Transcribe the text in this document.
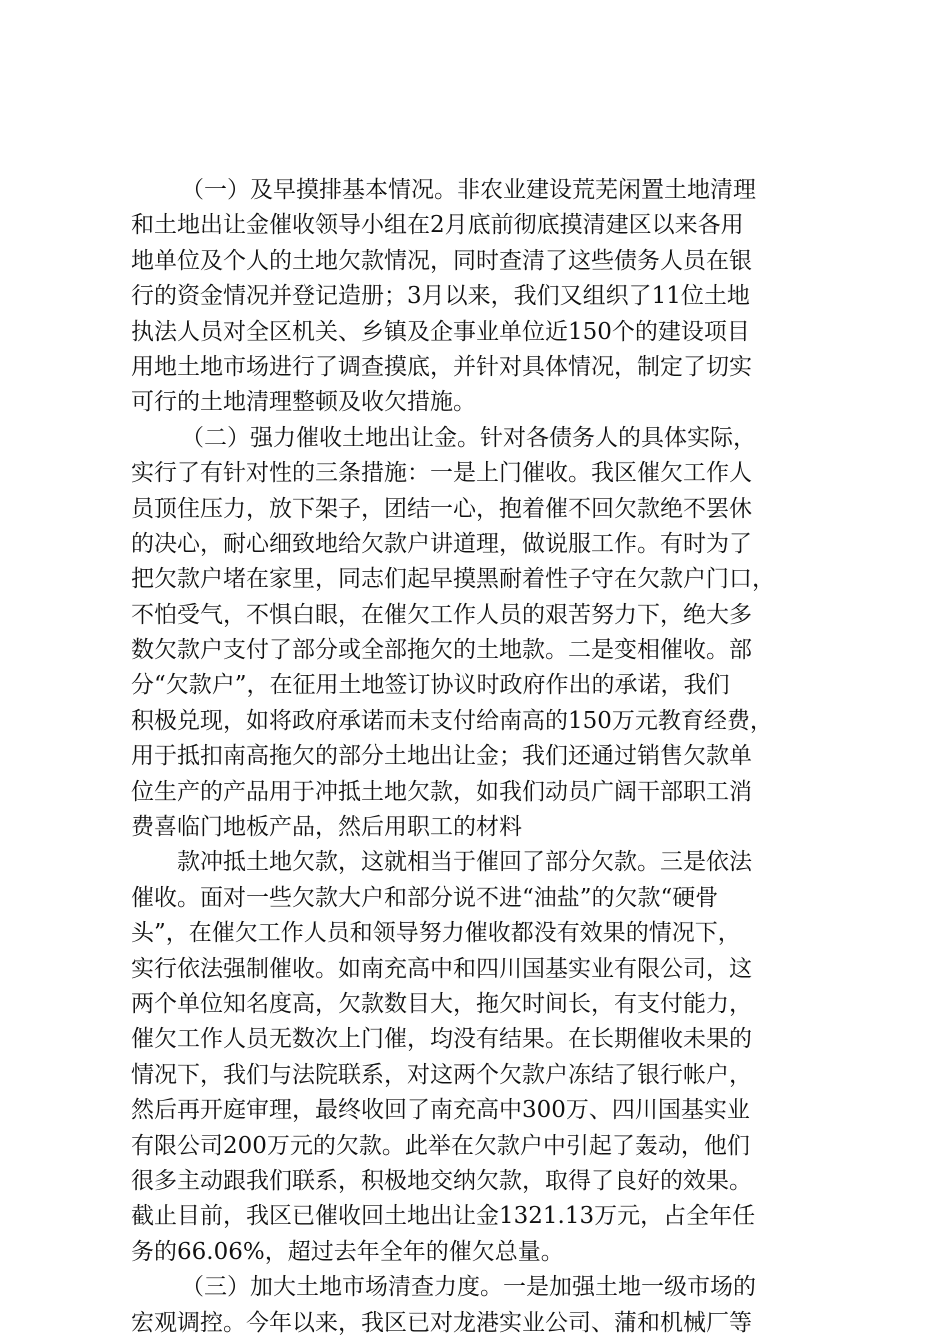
（一）及早摸排基本情况。非农业建设荒芜闲置土地清理
和土地出让金催收领导小组在2月底前彻底摸清建区以来各用
地单位及个人的土地欠款情况，同时查清了这些债务人员在银
行的资金情况并登记造册；3月以来，我们又组织了11位土地
执法人员对全区机关、乡镇及企事业单位近150个的建设项目
用地土地市场进行了调查摸底，并针对具体情况，制定了切实
可行的土地清理整顿及收欠措施。
（二）强力催收土地出让金。针对各债务人的具体实际，
实行了有针对性的三条措施：一是上门催收。我区催欠工作人
员顶住压力，放下架子，团结一心，抱着催不回欠款绝不罢休
的决心，耐心细致地给欠款户讲道理，做说服工作。有时为了
把欠款户堵在家里，同志们起早摸黑耐着性子守在欠款户门口，
不怕受气，不惧白眼，在催欠工作人员的艰苦努力下，绝大多
数欠款户支付了部分或全部拖欠的土地款。二是变相催收。部
分“欠款户”，在征用土地签订协议时政府作出的承诺，我们
积极兑现，如将政府承诺而未支付给南高的150万元教育经费，
用于抵扣南高拖欠的部分土地出让金；我们还通过销售欠款单
位生产的产品用于冲抵土地欠款，如我们动员广阔干部职工消
费喜临门地板产品，然后用职工的材料
款冲抵土地欠款，这就相当于催回了部分欠款。三是依法
催收。面对一些欠款大户和部分说不进“油盐”的欠款“硬骨
头”，在催欠工作人员和领导努力催收都没有效果的情况下，
实行依法强制催收。如南充高中和四川国基实业有限公司，这
两个单位知名度高，欠款数目大，拖欠时间长，有支付能力，
催欠工作人员无数次上门催，均没有结果。在长期催收未果的
情况下，我们与法院联系，对这两个欠款户冻结了银行帐户，
然后再开庭审理，最终收回了南充高中300万、四川国基实业
有限公司200万元的欠款。此举在欠款户中引起了轰动，他们
很多主动跟我们联系，积极地交纳欠款，取得了良好的效果。
截止目前，我区已催收回土地出让金1321.13万元，占全年任
务的66.06%，超过去年全年的催欠总量。
（三）加大土地市场清查力度。一是加强土地一级市场的
宏观调控。今年以来，我区已对龙港实业公司、蒲和机械厂等
